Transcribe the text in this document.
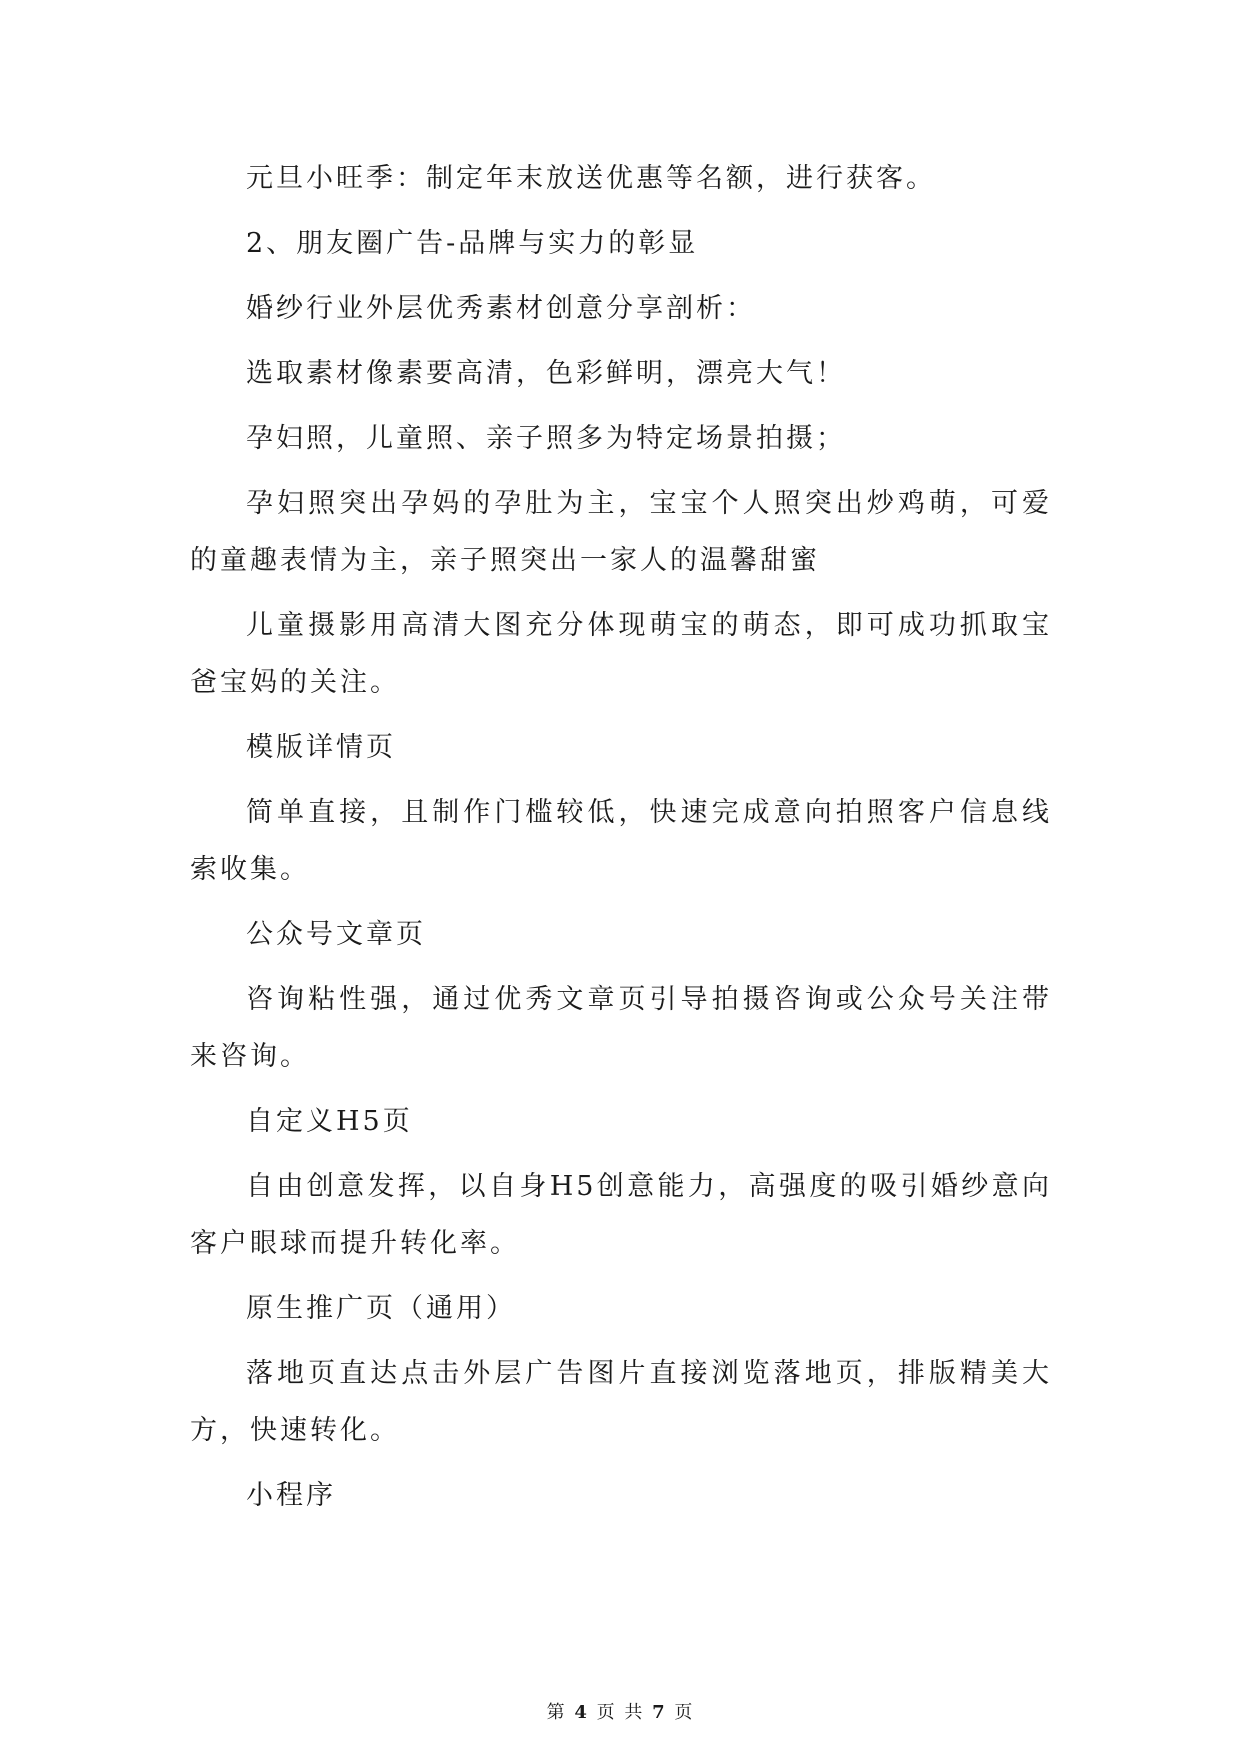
元旦小旺季：制定年末放送优惠等名额，进行获客。

2、朋友圈广告-品牌与实力的彰显

婚纱行业外层优秀素材创意分享剖析：

选取素材像素要高清，色彩鲜明，漂亮大气！

孕妇照，儿童照、亲子照多为特定场景拍摄；

孕妇照突出孕妈的孕肚为主，宝宝个人照突出炒鸡萌，可爱的童趣表情为主，亲子照突出一家人的温馨甜蜜

儿童摄影用高清大图充分体现萌宝的萌态，即可成功抓取宝爸宝妈的关注。

模版详情页

简单直接，且制作门槛较低，快速完成意向拍照客户信息线索收集。

公众号文章页

咨询粘性强，通过优秀文章页引导拍摄咨询或公众号关注带来咨询。

自定义H5页

自由创意发挥，以自身H5创意能力，高强度的吸引婚纱意向客户眼球而提升转化率。

原生推广页（通用）

落地页直达点击外层广告图片直接浏览落地页，排版精美大方，快速转化。

小程序

第 4 页 共 7 页
